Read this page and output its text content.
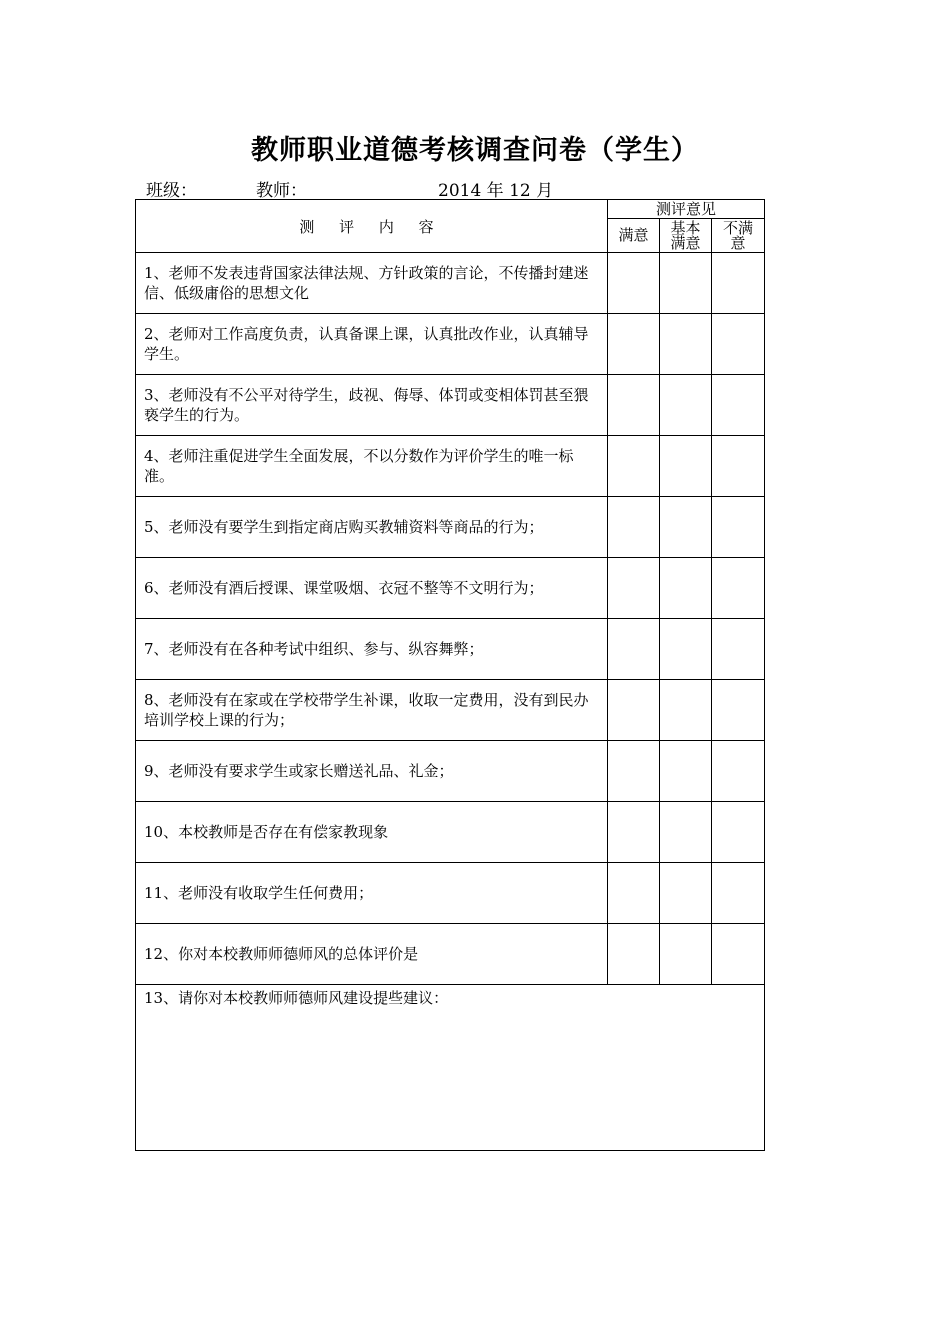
教师职业道德考核调查问卷（学生）
班级：	教师：	2014 年 12 月
测 评 内 容	测评意见		
	满意	基本满意	不满意

1、老师不发表违背国家法律法规、方针政策的言论，不传播封建迷信、低级庸俗的思想文化			
2、老师对工作高度负责，认真备课上课，认真批改作业，认真辅导学生。			
3、老师没有不公平对待学生，歧视、侮辱、体罚或变相体罚甚至猥亵学生的行为。			
4、老师注重促进学生全面发展，不以分数作为评价学生的唯一标准。			
5、老师没有要学生到指定商店购买教辅资料等商品的行为；			
6、老师没有酒后授课、课堂吸烟、衣冠不整等不文明行为；			
7、老师没有在各种考试中组织、参与、纵容舞弊；			
8、老师没有在家或在学校带学生补课，收取一定费用，没有到民办培训学校上课的行为；			
9、老师没有要求学生或家长赠送礼品、礼金；			
10、本校教师是否存在有偿家教现象			
11、老师没有收取学生任何费用；			
12、你对本校教师师德师风的总体评价是			
13、请你对本校教师师德师风建设提些建议：			
